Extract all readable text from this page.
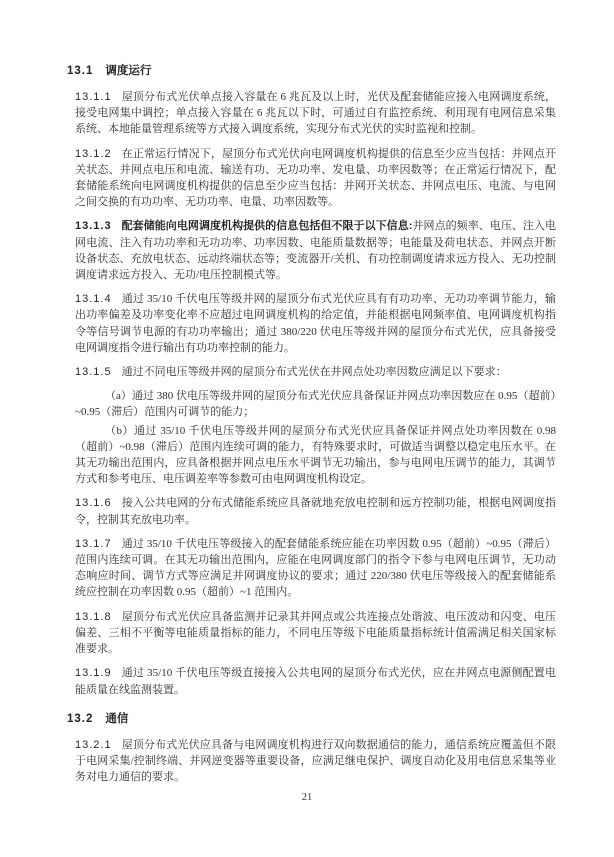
13.1 调度运行

13.1.1 屋顶分布式光伏单点接入容量在 6 兆瓦及以上时，光伏及配套储能应接入电网调度系统，接受电网集中调控；单点接入容量在 6 兆瓦以下时，可通过自有监控系统、利用现有电网信息采集系统、本地能量管理系统等方式接入调度系统，实现分布式光伏的实时监视和控制。

13.1.2 在正常运行情况下，屋顶分布式光伏向电网调度机构提供的信息至少应当包括：并网点开关状态、并网点电压和电流、输送有功、无功功率、发电量、功率因数等；在正常运行情况下，配套储能系统向电网调度机构提供的信息至少应当包括：并网开关状态、并网点电压、电流、与电网之间交换的有功功率、无功功率、电量、功率因数等。

13.1.3 配套储能向电网调度机构提供的信息包括但不限于以下信息:并网点的频率、电压、注入电网电流、注入有功功率和无功功率、功率因数、电能质量数据等；电能量及荷电状态、并网点开断设备状态、充放电状态、远动终端状态等；变流器开/关机、有功控制调度请求远方投入、无功控制调度请求远方投入、无功/电压控制模式等。

13.1.4 通过 35/10 千伏电压等级并网的屋顶分布式光伏应具有有功功率、无功功率调节能力，输出功率偏差及功率变化率不应超过电网调度机构的给定值，并能根据电网频率值、电网调度机构指令等信号调节电源的有功功率输出；通过 380/220 伏电压等级并网的屋顶分布式光伏，应具备接受电网调度指令进行输出有功功率控制的能力。

13.1.5 通过不同电压等级并网的屋顶分布式光伏在并网点处功率因数应满足以下要求：

（a）通过 380 伏电压等级并网的屋顶分布式光伏应具备保证并网点功率因数应在 0.95（超前）~0.95（滞后）范围内可调节的能力；

（b）通过 35/10 千伏电压等级并网的屋顶分布式光伏应具备保证并网点处功率因数在 0.98（超前）~0.98（滞后）范围内连续可调的能力，有特殊要求时，可做适当调整以稳定电压水平。在其无功输出范围内，应具备根据并网点电压水平调节无功输出，参与电网电压调节的能力，其调节方式和参考电压、电压调差率等参数可由电网调度机构设定。

13.1.6 接入公共电网的分布式储能系统应具备就地充放电控制和远方控制功能，根据电网调度指令，控制其充放电功率。

13.1.7 通过 35/10 千伏电压等级接入的配套储能系统应能在功率因数 0.95（超前）~0.95（滞后）范围内连续可调。在其无功输出范围内，应能在电网调度部门的指令下参与电网电压调节，无功动态响应时间、调节方式等应满足并网调度协议的要求；通过 220/380 伏电压等级接入的配套储能系统应控制在功率因数 0.95（超前）~1 范围内。

13.1.8 屋顶分布式光伏应具备监测并记录其并网点或公共连接点处谐波、电压波动和闪变、电压偏差、三相不平衡等电能质量指标的能力，不同电压等级下电能质量指标统计值需满足相关国家标准要求。

13.1.9 通过 35/10 千伏电压等级直接接入公共电网的屋顶分布式光伏，应在并网点电源侧配置电能质量在线监测装置。

13.2 通信

13.2.1 屋顶分布式光伏应具备与电网调度机构进行双向数据通信的能力，通信系统应覆盖但不限于电网采集/控制终端、并网逆变器等重要设备，应满足继电保护、调度自动化及用电信息采集等业务对电力通信的要求。

21
